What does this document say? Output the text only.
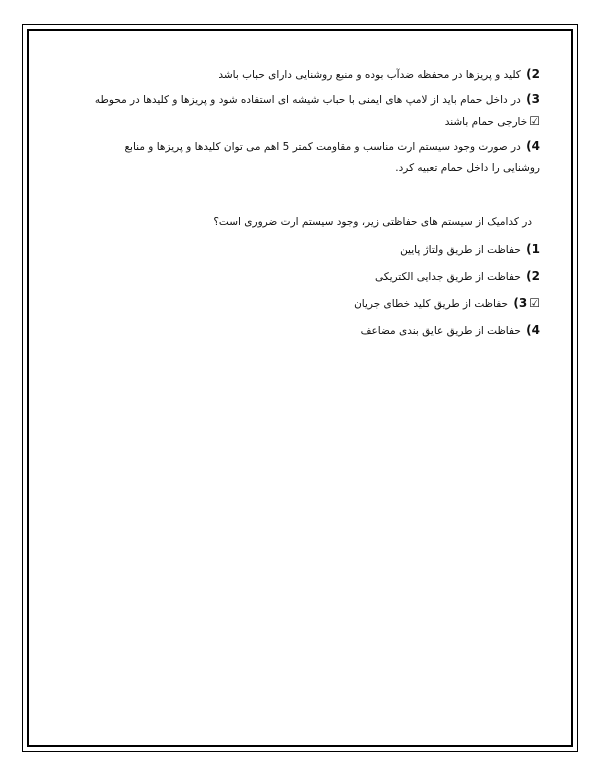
2) کلید و پریزها در محفظه ضدآب بوده و منبع روشنایی دارای حباب باشد

3) در داخل حمام باید از لامپ های ایمنی با حباب شیشه ای استفاده شود و پریزها و کلیدها در محوطه ☑خارجی حمام باشند

4) در صورت وجود سیستم ارت مناسب و مقاومت کمتر 5 اهم می توان کلیدها و پریزها و منابع روشنایی را داخل حمام تعبیه کرد.

در کدامیک از سیستم های حفاظتی زیر، وجود سیستم ارت ضروری است؟

1) حفاظت از طریق ولتاژ پایین

2) حفاظت از طریق جدایی الکتریکی

☑3) حفاظت از طریق کلید خطای جریان

4) حفاظت از طریق عایق بندی مضاعف
